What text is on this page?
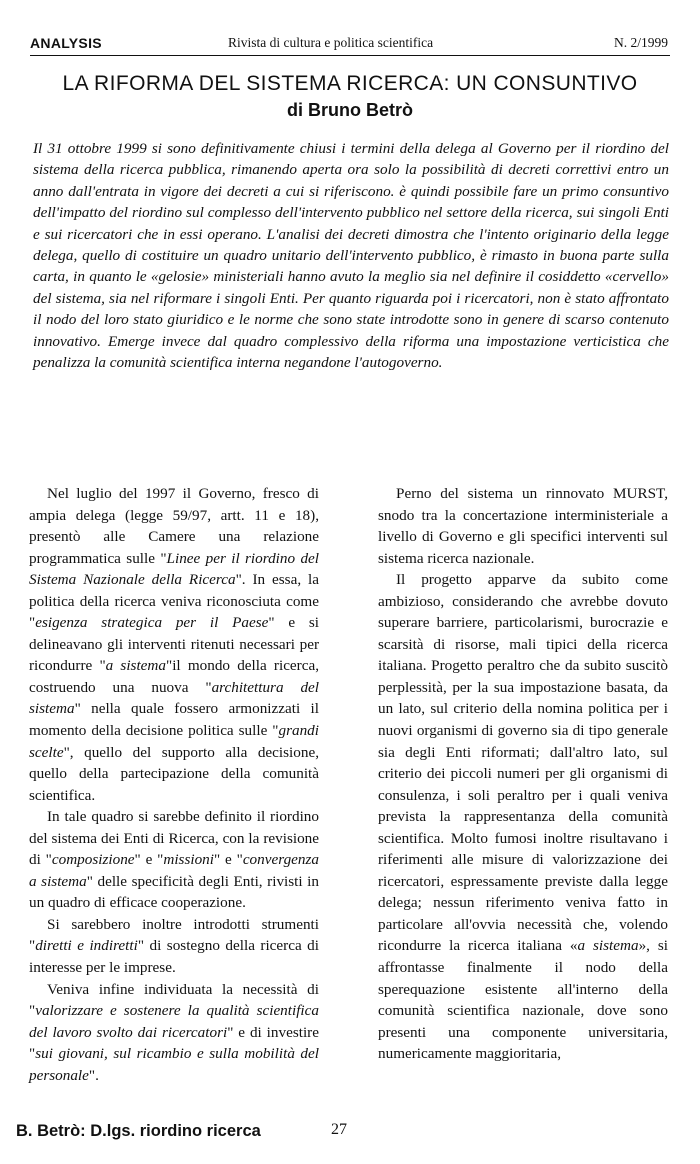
ANALYSIS	Rivista di cultura e politica scientifica	N. 2/1999
LA RIFORMA DEL SISTEMA RICERCA: UN CONSUNTIVO
di Bruno Betrò
Il 31 ottobre 1999 si sono definitivamente chiusi i termini della delega al Governo per il riordino del sistema della ricerca pubblica, rimanendo aperta ora solo la possibilità di decreti correttivi entro un anno dall'entrata in vigore dei decreti a cui si riferiscono. è quindi possibile fare un primo consuntivo dell'impatto del riordino sul complesso dell'intervento pubblico nel settore della ricerca, sui singoli Enti e sui ricercatori che in essi operano. L'analisi dei decreti dimostra che l'intento originario della legge delega, quello di costituire un quadro unitario dell'intervento pubblico, è rimasto in buona parte sulla carta, in quanto le «gelosie» ministeriali hanno avuto la meglio sia nel definire il cosiddetto «cervello» del sistema, sia nel riformare i singoli Enti. Per quanto riguarda poi i ricercatori, non è stato affrontato il nodo del loro stato giuridico e le norme che sono state introdotte sono in genere di scarso contenuto innovativo. Emerge invece dal quadro complessivo della riforma una impostazione verticistica che penalizza la comunità scientifica interna negandone l'autogoverno.

Nel luglio del 1997 il Governo, fresco di ampia delega (legge 59/97, artt. 11 e 18), presentò alle Camere una relazione programmatica sulle "Linee per il riordino del Sistema Nazionale della Ricerca". In essa, la politica della ricerca veniva riconosciuta come "esigenza strategica per il Paese" e si delineavano gli interventi ritenuti necessari per ricondurre "a sistema"il mondo della ricerca, costruendo una nuova "architettura del sistema" nella quale fossero armonizzati il momento della decisione politica sulle "grandi scelte", quello del supporto alla decisione, quello della partecipazione della comunità scientifica.

In tale quadro si sarebbe definito il riordino del sistema dei Enti di Ricerca, con la revisione di "composizione" e "missioni" e "convergenza a sistema" delle specificità degli Enti, rivisti in un quadro di efficace cooperazione.

Si sarebbero inoltre introdotti strumenti "diretti e indiretti" di sostegno della ricerca di interesse per le imprese.

Veniva infine individuata la necessità di "valorizzare e sostenere la qualità scientifica del lavoro svolto dai ricercatori" e di investire "sui giovani, sul ricambio e sulla mobilità del personale".

Perno del sistema un rinnovato MURST, snodo tra la concertazione interministeriale a livello di Governo e gli specifici interventi sul sistema ricerca nazionale.

Il progetto apparve da subito come ambizioso, considerando che avrebbe dovuto superare barriere, particolarismi, burocrazie e scarsità di risorse, mali tipici della ricerca italiana. Progetto peraltro che da subito suscitò perplessità, per la sua impostazione basata, da un lato, sul criterio della nomina politica per i nuovi organismi di governo sia di tipo generale sia degli Enti riformati; dall'altro lato, sul criterio dei piccoli numeri per gli organismi di consulenza, i soli peraltro per i quali veniva prevista la rappresentanza della comunità scientifica. Molto fumosi inoltre risultavano i riferimenti alle misure di valorizzazione dei ricercatori, espressamente previste dalla legge delega; nessun riferimento veniva fatto in particolare all'ovvia necessità che, volendo ricondurre la ricerca italiana «a sistema», si affrontasse finalmente il nodo della sperequazione esistente all'interno della comunità scientifica nazionale, dove sono presenti una componente universitaria, numericamente maggioritaria,

B. Betrò: D.lgs. riordino ricerca	27
